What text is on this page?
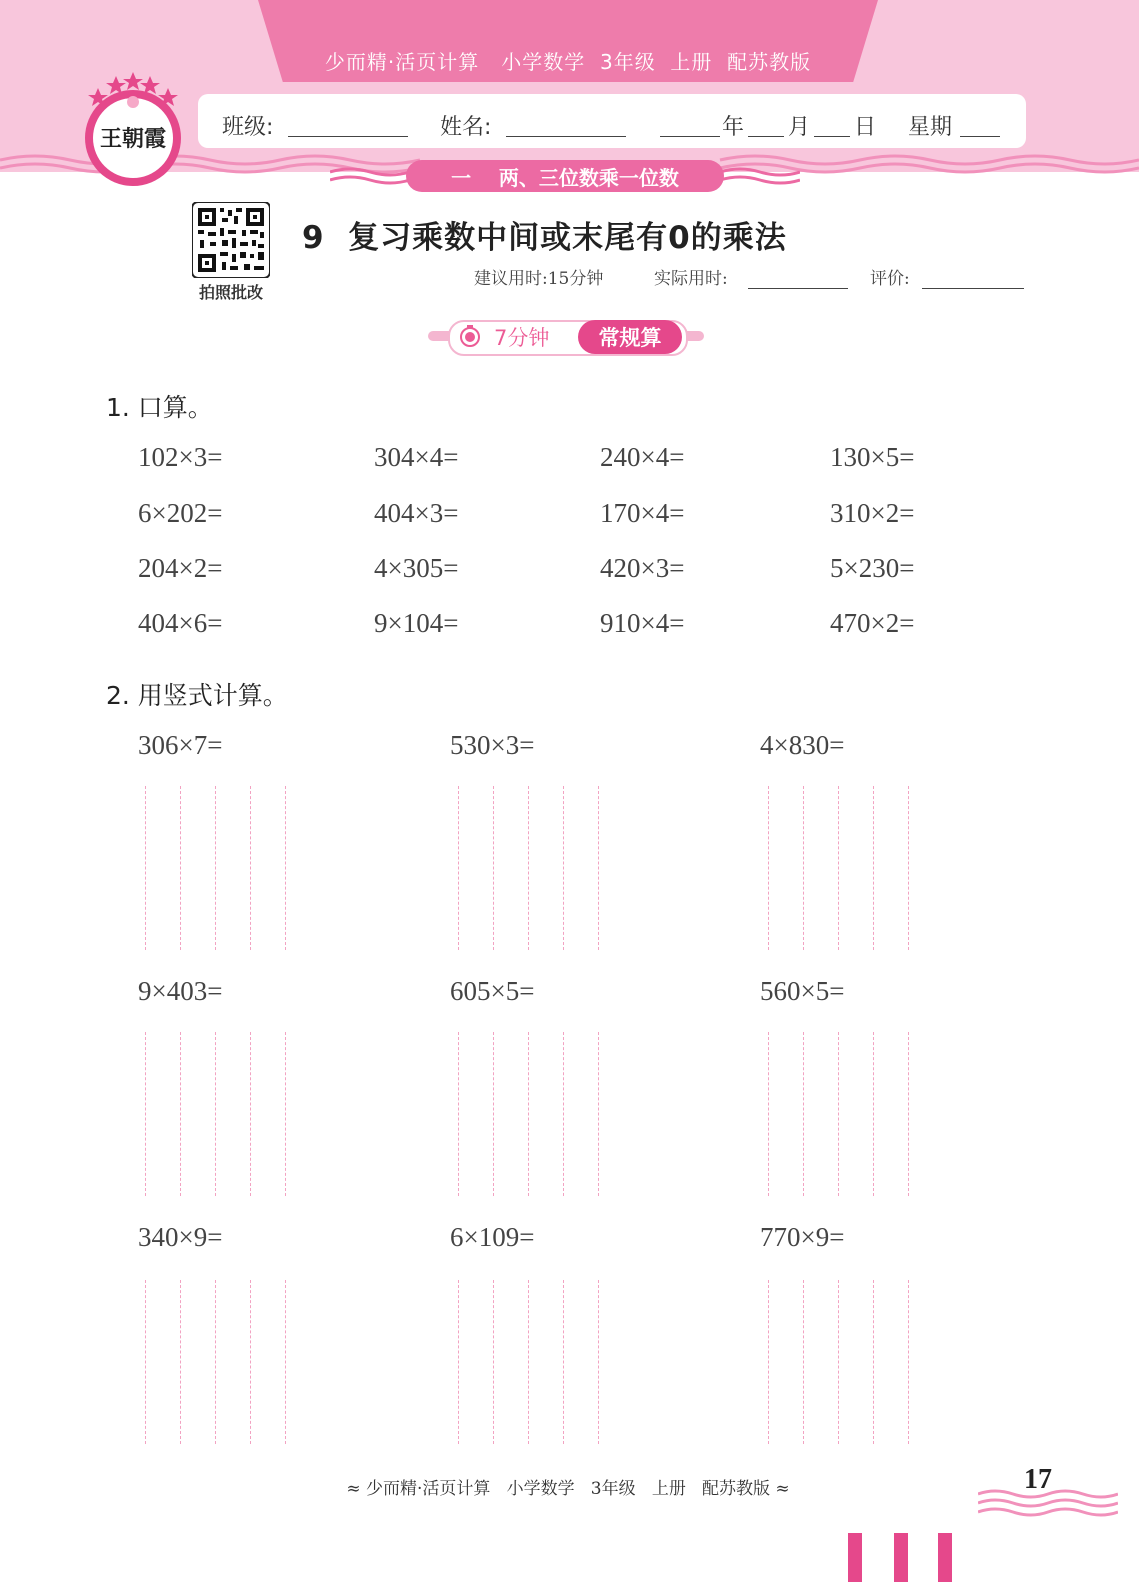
少而精·活页计算   小学数学  3年级  上册  配苏教版
班级:	姓名:	年 月 日 星期
王朝霞
一    两、三位数乘一位数
拍照批改
9  复习乘数中间或末尾有0的乘法
建议用时:15分钟	实际用时:	评价:
7分钟	常规算
1. 口算。
102×3=	304×4=	240×4=	130×5=
6×202=	404×3=	170×4=	310×2=
204×2=	4×305=	420×3=	5×230=
404×6=	9×104=	910×4=	470×2=
2. 用竖式计算。
306×7=	530×3=	4×830=
9×403=	605×5=	560×5=
340×9=	6×109=	770×9=
≈ 少而精·活页计算   小学数学   3年级   上册   配苏教版 ≈	17
